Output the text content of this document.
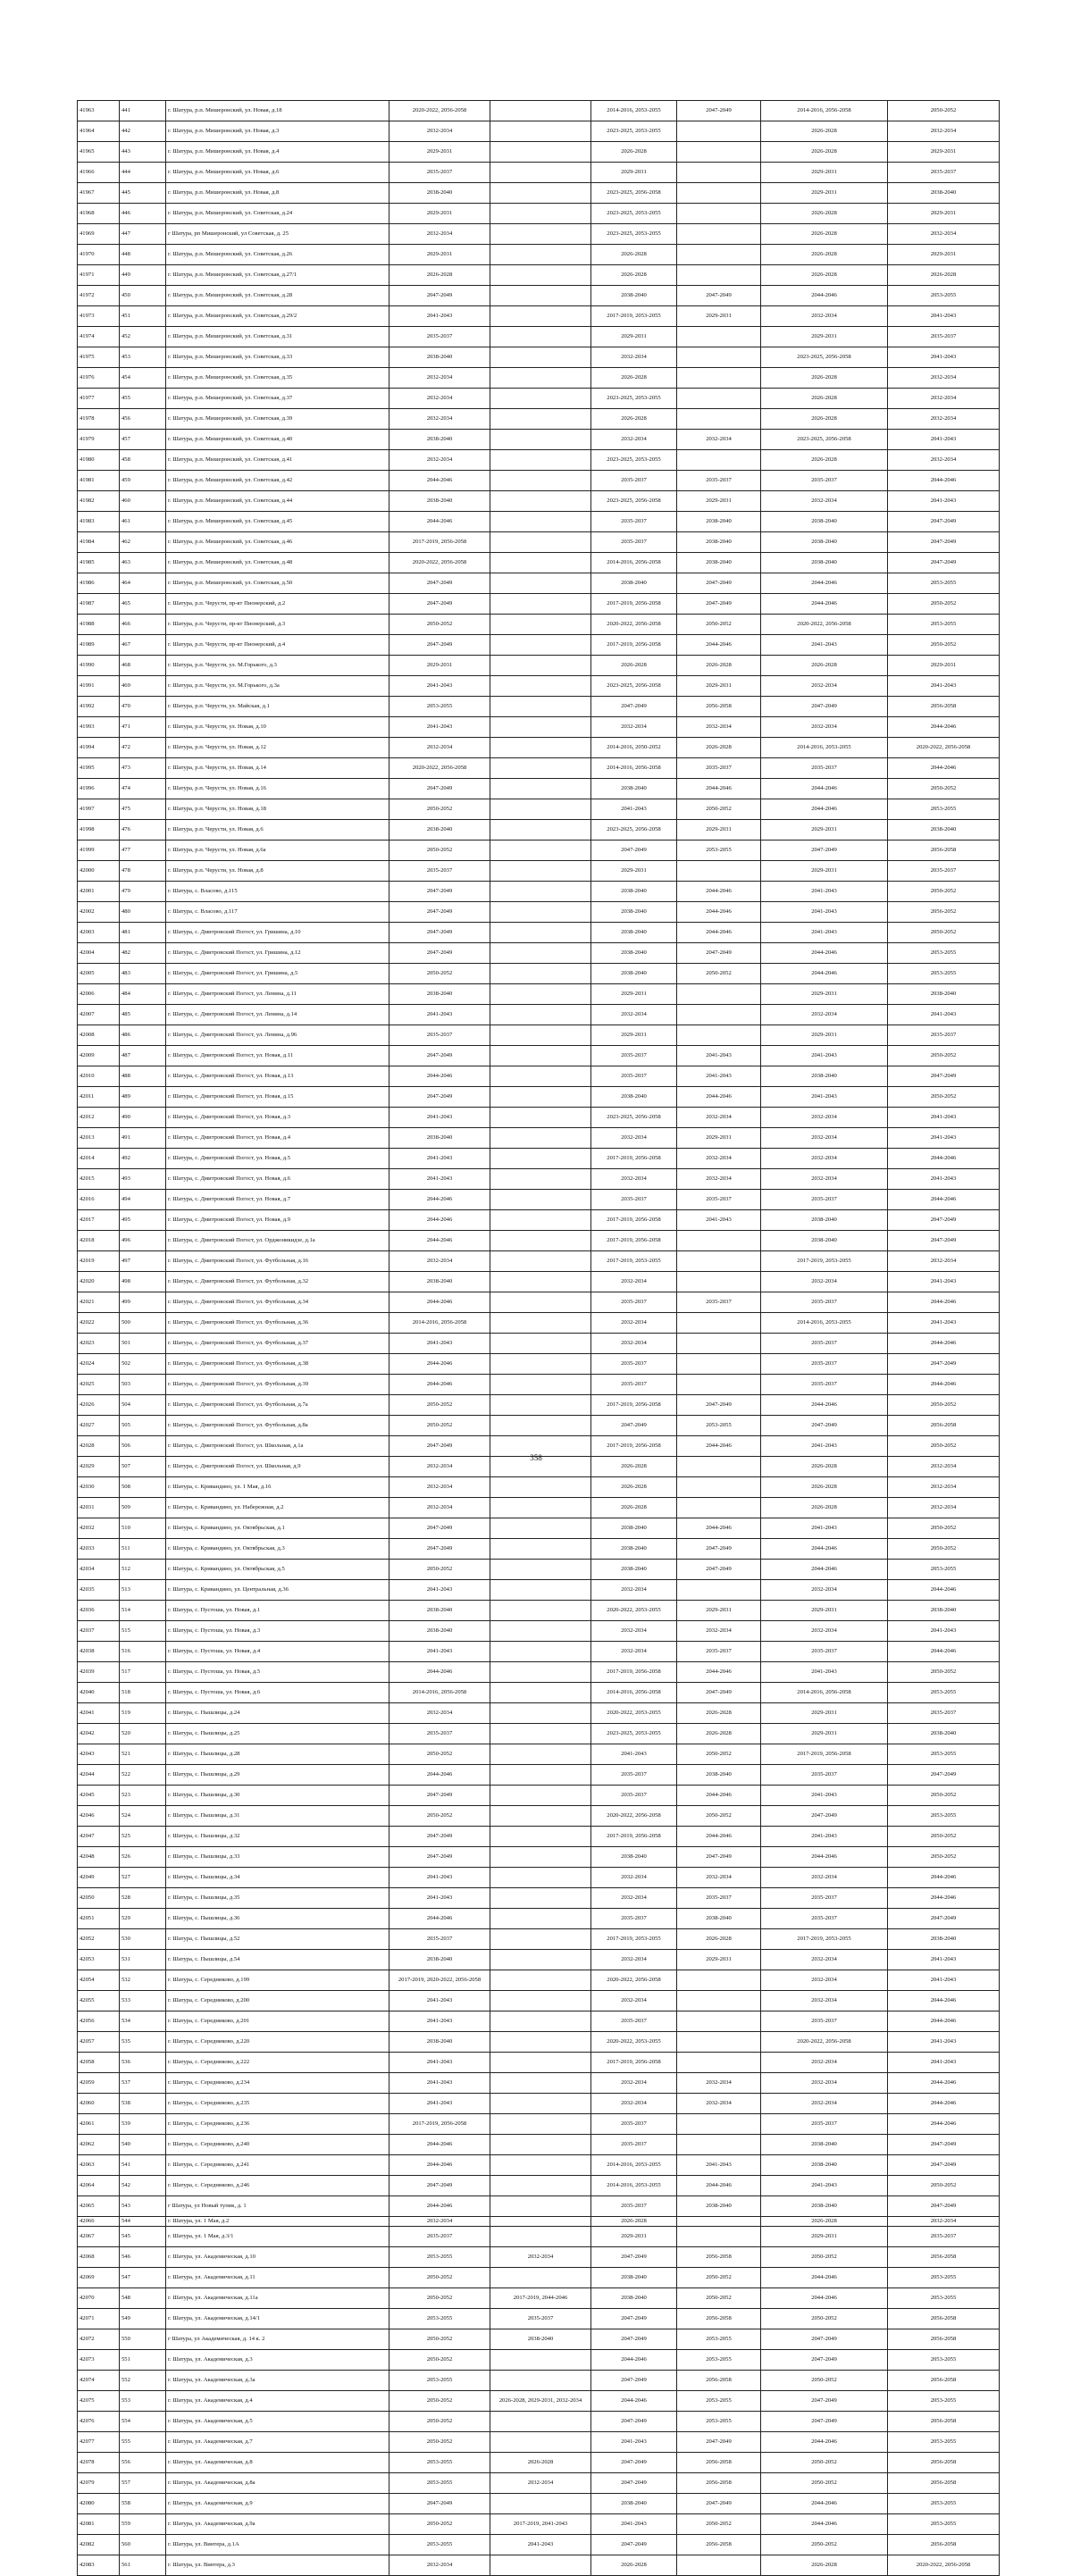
41963	441	г. Шатура, р.п. Мишеронский, ул. Новая, д.18	2020-2022, 2056-2058		2014-2016, 2053-2055	2047-2049	2014-2016, 2056-2058	2050-2052
41964	442	г. Шатура, р.п. Мишеронский, ул. Новая, д.3	2032-2034		2023-2025, 2053-2055		2026-2028	2032-2034
41965	443	г. Шатура, р.п. Мишеронский, ул. Новая, д.4	2029-2031		2026-2028		2026-2028	2029-2031
41966	444	г. Шатура, р.п. Мишеронский, ул. Новая, д.6	2035-2037		2029-2031		2029-2031	2035-2037
41967	445	г. Шатура, р.п. Мишеронский, ул. Новая, д.8	2038-2040		2023-2025, 2056-2058		2029-2031	2038-2040
41968	446	г. Шатура, р.п. Мишеронский, ул. Советская, д.24	2029-2031		2023-2025, 2053-2055		2026-2028	2029-2031
41969	447	г Шатура, рп Мишеронский, ул Советская, д. 25	2032-2034		2023-2025, 2053-2055		2026-2028	2032-2034
41970	448	г. Шатура, р.п. Мишеронский, ул. Советская, д.26	2029-2031		2026-2028		2026-2028	2029-2031
41971	449	г. Шатура, р.п. Мишеронский, ул. Советская, д.27/1	2026-2028		2026-2028		2026-2028	2026-2028
41972	450	г. Шатура, р.п. Мишеронский, ул. Советская, д.28	2047-2049		2038-2040	2047-2049	2044-2046	2053-2055
41973	451	г. Шатура, р.п. Мишеронский, ул. Советская, д.29/2	2041-2043		2017-2019, 2053-2055	2029-2031	2032-2034	2041-2043
41974	452	г. Шатура, р.п. Мишеронский, ул. Советская, д.31	2035-2037		2029-2031		2029-2031	2035-2037
41975	453	г. Шатура, р.п. Мишеронский, ул. Советская, д.33	2038-2040		2032-2034		2023-2025, 2056-2058	2041-2043
41976	454	г. Шатура, р.п. Мишеронский, ул. Советская, д.35	2032-2034		2026-2028		2026-2028	2032-2034
41977	455	г. Шатура, р.п. Мишеронский, ул. Советская, д.37	2032-2034		2023-2025, 2053-2055		2026-2028	2032-2034
41978	456	г. Шатура, р.п. Мишеронский, ул. Советская, д.39	2032-2034		2026-2028		2026-2028	2032-2034
41979	457	г. Шатура, р.п. Мишеронский, ул. Советская, д.40	2038-2040		2032-2034	2032-2034	2023-2025, 2056-2058	2041-2043
41980	458	г. Шатура, р.п. Мишеронский, ул. Советская, д.41	2032-2034		2023-2025, 2053-2055		2026-2028	2032-2034
41981	459	г. Шатура, р.п. Мишеронский, ул. Советская, д.42	2044-2046		2035-2037	2035-2037	2035-2037	2044-2046
41982	460	г. Шатура, р.п. Мишеронский, ул. Советская, д.44	2038-2040		2023-2025, 2056-2058	2029-2031	2032-2034	2041-2043
41983	461	г. Шатура, р.п. Мишеронский, ул. Советская, д.45	2044-2046		2035-2037	2038-2040	2038-2040	2047-2049
41984	462	г. Шатура, р.п. Мишеронский, ул. Советская, д.46	2017-2019, 2056-2058		2035-2037	2038-2040	2038-2040	2047-2049
41985	463	г. Шатура, р.п. Мишеронский, ул. Советская, д.48	2020-2022, 2056-2058		2014-2016, 2056-2058	2038-2040	2038-2040	2047-2049
41986	464	г. Шатура, р.п. Мишеронский, ул. Советская, д.50	2047-2049		2038-2040	2047-2049	2044-2046	2053-2055
41987	465	г. Шатура, р.п. Черусти, пр-кт Пионерский, д.2	2047-2049		2017-2019, 2056-2058	2047-2049	2044-2046	2050-2052
41988	466	г. Шатура, р.п. Черусти, пр-кт Пионерский, д.3	2050-2052		2020-2022, 2056-2058	2050-2052	2020-2022, 2056-2058	2053-2055
41989	467	г. Шатура, р.п. Черусти, пр-кт Пионерский, д.4	2047-2049		2017-2019, 2056-2058	2044-2046	2041-2043	2050-2052
41990	468	г. Шатура, р.п. Черусти, ул. М.Горького, д.3	2029-2031		2026-2028	2026-2028	2026-2028	2029-2031
41991	469	г. Шатура, р.п. Черусти, ул. М.Горького, д.3а	2041-2043		2023-2025, 2056-2058	2029-2031	2032-2034	2041-2043
41992	470	г. Шатура, р.п. Черусти, ул. Майская, д.1	2053-2055		2047-2049	2056-2058	2047-2049	2056-2058
41993	471	г. Шатура, р.п. Черусти, ул. Новая, д.10	2041-2043		2032-2034	2032-2034	2032-2034	2044-2046
41994	472	г. Шатура, р.п. Черусти, ул. Новая, д.12	2032-2034		2014-2016, 2050-2052	2026-2028	2014-2016, 2053-2055	2020-2022, 2056-2058
41995	473	г. Шатура, р.п. Черусти, ул. Новая, д.14	2020-2022, 2056-2058		2014-2016, 2056-2058	2035-2037	2035-2037	2044-2046
41996	474	г. Шатура, р.п. Черусти, ул. Новая, д.16	2047-2049		2038-2040	2044-2046	2044-2046	2050-2052
41997	475	г. Шатура, р.п. Черусти, ул. Новая, д.18	2050-2052		2041-2043	2050-2052	2044-2046	2053-2055
41998	476	г. Шатура, р.п. Черусти, ул. Новая, д.6	2038-2040		2023-2025, 2056-2058	2029-2031	2029-2031	2038-2040
41999	477	г. Шатура, р.п. Черусти, ул. Новая, д.6а	2050-2052		2047-2049	2053-2055	2047-2049	2056-2058
42000	478	г. Шатура, р.п. Черусти, ул. Новая, д.8	2035-2037		2029-2031		2029-2031	2035-2037
42001	479	г. Шатура, с. Власово, д.115	2047-2049		2038-2040	2044-2046	2041-2043	2050-2052
42002	480	г. Шатура, с. Власово, д.117	2047-2049		2038-2040	2044-2046	2041-2043	2056-2052
42003	481	г. Шатура, с. Дмитровский Погост, ул. Гришина, д.10	2047-2049		2038-2040	2044-2046	2041-2043	2050-2052
42004	482	г. Шатура, с. Дмитровский Погост, ул. Гришина, д.12	2047-2049		2038-2040	2047-2049	2044-2046	2053-2055
42005	483	г. Шатура, с. Дмитровский Погост, ул. Гришина, д.5	2050-2052		2038-2040	2050-2052	2044-2046	2053-2055
42006	484	г. Шатура, с. Дмитровский Погост, ул. Ленина, д.11	2038-2040		2029-2031		2029-2031	2038-2040
42007	485	г. Шатура, с. Дмитровский Погост, ул. Ленина, д.14	2041-2043		2032-2034		2032-2034	2041-2043
42008	486	г. Шатура, с. Дмитровский Погост, ул. Ленина, д.96	2035-2037		2029-2031		2029-2031	2035-2037
42009	487	г. Шатура, с. Дмитровский Погост, ул. Новая, д.11	2047-2049		2035-2037	2041-2043	2041-2043	2050-2052
42010	488	г. Шатура, с. Дмитровский Погост, ул. Новая, д.13	2044-2046		2035-2037	2041-2043	2038-2040	2047-2049
42011	489	г. Шатура, с. Дмитровский Погост, ул. Новая, д.15	2047-2049		2038-2040	2044-2046	2041-2043	2050-2052
42012	490	г. Шатура, с. Дмитровский Погост, ул. Новая, д.3	2041-2043		2023-2025, 2056-2058	2032-2034	2032-2034	2041-2043
42013	491	г. Шатура, с. Дмитровский Погост, ул. Новая, д.4	2038-2040		2032-2034	2029-2031	2032-2034	2041-2043
42014	492	г. Шатура, с. Дмитровский Погост, ул. Новая, д.5	2041-2043		2017-2019, 2056-2058	2032-2034	2032-2034	2044-2046
42015	493	г. Шатура, с. Дмитровский Погост, ул. Новая, д.6	2041-2043		2032-2034	2032-2034	2032-2034	2041-2043
42016	494	г. Шатура, с. Дмитровский Погост, ул. Новая, д.7	2044-2046		2035-2037	2035-2037	2035-2037	2044-2046
42017	495	г. Шатура, с. Дмитровский Погост, ул. Новая, д.9	2044-2046		2017-2019, 2056-2058	2041-2043	2038-2040	2047-2049
42018	496	г. Шатура, с. Дмитровский Погост, ул. Орджоникидзе, д.1а	2044-2046		2017-2019, 2056-2058		2038-2040	2047-2049
42019	497	г. Шатура, с. Дмитровский Погост, ул. Футбольная, д.16	2032-2034		2017-2019, 2053-2055		2017-2019, 2053-2055	2032-2034
42020	498	г. Шатура, с. Дмитровский Погост, ул. Футбольная, д.32	2038-2040		2032-2034		2032-2034	2041-2043
42021	499	г. Шатура, с. Дмитровский Погост, ул. Футбольная, д.34	2044-2046		2035-2037	2035-2037	2035-2037	2044-2046
42022	500	г. Шатура, с. Дмитровский Погост, ул. Футбольная, д.36	2014-2016, 2056-2058		2032-2034		2014-2016, 2053-2055	2041-2043
42023	501	г. Шатура, с. Дмитровский Погост, ул. Футбольная, д.37	2041-2043		2032-2034		2035-2037	2044-2046
42024	502	г. Шатура, с. Дмитровский Погост, ул. Футбольная, д.38	2044-2046		2035-2037		2035-2037	2047-2049
42025	503	г. Шатура, с. Дмитровский Погост, ул. Футбольная, д.39	2044-2046		2035-2037		2035-2037	2044-2046
42026	504	г. Шатура, с. Дмитровский Погост, ул. Футбольная, д.7а	2050-2052		2017-2019, 2056-2058	2047-2049	2044-2046	2050-2052
42027	505	г. Шатура, с. Дмитровский Погост, ул. Футбольная, д.8а	2050-2052		2047-2049	2053-2055	2047-2049	2056-2058
42028	506	г. Шатура, с. Дмитровский Погост, ул. Школьная, д.1а	2047-2049		2017-2019, 2056-2058	2044-2046	2041-2043	2050-2052
42029	507	г. Шатура, с. Дмитровский Погост, ул. Школьная, д.9	2032-2034		2026-2028		2026-2028	2032-2034
42030	508	г. Шатура, с. Кривандино, ул. 1 Мая, д.16	2032-2034		2026-2028		2026-2028	2032-2034
42031	509	г. Шатура, с. Кривандино, ул. Набережная, д.2	2032-2034		2026-2028		2026-2028	2032-2034
42032	510	г. Шатура, с. Кривандино, ул. Октябрьская, д.1	2047-2049		2038-2040	2044-2046	2041-2043	2050-2052
42033	511	г. Шатура, с. Кривандино, ул. Октябрьская, д.3	2047-2049		2038-2040	2047-2049	2044-2046	2050-2052
42034	512	г. Шатура, с. Кривандино, ул. Октябрьская, д.5	2050-2052		2038-2040	2047-2049	2044-2046	2053-2055
42035	513	г. Шатура, с. Кривандино, ул. Центральная, д.36	2041-2043		2032-2034		2032-2034	2044-2046
42036	514	г. Шатура, с. Пустоша, ул. Новая, д.1	2038-2040		2020-2022, 2053-2055	2029-2031	2029-2031	2038-2040
42037	515	г. Шатура, с. Пустоша, ул. Новая, д.3	2038-2040		2032-2034	2032-2034	2032-2034	2041-2043
42038	516	г. Шатура, с. Пустоша, ул. Новая, д.4	2041-2043		2032-2034	2035-2037	2035-2037	2044-2046
42039	517	г. Шатура, с. Пустоша, ул. Новая, д.5	2044-2046		2017-2019, 2056-2058	2044-2046	2041-2043	2050-2052
42040	518	г. Шатура, с. Пустоша, ул. Новая, д.6	2014-2016, 2056-2058		2014-2016, 2056-2058	2047-2049	2014-2016, 2056-2058	2053-2055
42041	519	г. Шатура, с. Пышлицы, д.24	2032-2034		2020-2022, 2053-2055	2026-2028	2029-2031	2035-2037
42042	520	г. Шатура, с. Пышлицы, д.25	2035-2037		2023-2025, 2053-2055	2026-2028	2029-2031	2038-2040
42043	521	г. Шатура, с. Пышлицы, д.28	2050-2052		2041-2043	2050-2052	2017-2019, 2056-2058	2053-2055
42044	522	г. Шатура, с. Пышлицы, д.29	2044-2046		2035-2037	2038-2040	2035-2037	2047-2049
42045	523	г. Шатура, с. Пышлицы, д.30	2047-2049		2035-2037	2044-2046	2041-2043	2050-2052
42046	524	г. Шатура, с. Пышлицы, д.31	2050-2052		2020-2022, 2056-2058	2050-2052	2047-2049	2053-2055
42047	525	г. Шатура, с. Пышлицы, д.32	2047-2049		2017-2019, 2056-2058	2044-2046	2041-2043	2050-2052
42048	526	г. Шатура, с. Пышлицы, д.33	2047-2049		2038-2040	2047-2049	2044-2046	2050-2052
42049	527	г. Шатура, с. Пышлицы, д.34	2041-2043		2032-2034	2032-2034	2032-2034	2044-2046
42050	528	г. Шатура, с. Пышлицы, д.35	2041-2043		2032-2034	2035-2037	2035-2037	2044-2046
42051	529	г. Шатура, с. Пышлицы, д.36	2044-2046		2035-2037	2038-2040	2035-2037	2047-2049
42052	530	г. Шатура, с. Пышлицы, д.52	2035-2037		2017-2019, 2053-2055	2026-2028	2017-2019, 2053-2055	2038-2040
42053	531	г. Шатура, с. Пышлицы, д.54	2038-2040		2032-2034	2029-2031	2032-2034	2041-2043
42054	532	г. Шатура, с. Середниково, д.199	2017-2019, 2020-2022, 2056-2058		2020-2022, 2056-2058		2032-2034	2041-2043
42055	533	г. Шатура, с. Середниково, д.200	2041-2043		2032-2034		2032-2034	2044-2046
42056	534	г. Шатура, с. Середниково, д.201	2041-2043		2035-2037		2035-2037	2044-2046
42057	535	г. Шатура, с. Середниково, д.220	2038-2040		2020-2022, 2053-2055		2020-2022, 2056-2058	2041-2043
42058	536	г. Шатура, с. Середниково, д.222	2041-2043		2017-2019, 2056-2058		2032-2034	2041-2043
42059	537	г. Шатура, с. Середниково, д.234	2041-2043		2032-2034	2032-2034	2032-2034	2044-2046
42060	538	г. Шатура, с. Середниково, д.235	2041-2043		2032-2034	2032-2034	2032-2034	2044-2046
42061	539	г. Шатура, с. Середниково, д.236	2017-2019, 2056-2058		2035-2037		2035-2037	2044-2046
42062	540	г. Шатура, с. Середниково, д.240	2044-2046		2035-2037		2038-2040	2047-2049
42063	541	г. Шатура, с. Середниково, д.241	2044-2046		2014-2016, 2053-2055	2041-2043	2038-2040	2047-2049
42064	542	г. Шатура, с. Середниково, д.246	2047-2049		2014-2016, 2053-2055	2044-2046	2041-2043	2050-2052
42065	543	г Шатура, ул Новый тупик, д. 1	2044-2046		2035-2037	2038-2040	2038-2040	2047-2049
42066	544	г. Шатура, ул. 1 Мая, д.2	2032-2034		2026-2028		2026-2028	2032-2034
42067	545	г. Шатура, ул. 1 Мая, д.3/1	2035-2037		2029-2031		2029-2031	2035-2037
42068	546	г. Шатура, ул. Академическая, д.10	2053-2055	2032-2034	2047-2049	2056-2058	2050-2052	2056-2058
42069	547	г. Шатура, ул. Академическая, д.11	2050-2052		2038-2040	2050-2052	2044-2046	2053-2055
42070	548	г. Шатура, ул. Академическая, д.11а	2050-2052	2017-2019, 2044-2046	2038-2040	2050-2052	2044-2046	2053-2055
42071	549	г. Шатура, ул. Академическая, д.14/1	2053-2055	2035-2037	2047-2049	2056-2058	2050-2052	2056-2058
42072	550	г Шатура, ул Академическая, д. 14 к. 2	2050-2052	2038-2040	2047-2049	2053-2055	2047-2049	2056-2058
42073	551	г. Шатура, ул. Академическая, д.3	2050-2052		2044-2046	2053-2055	2047-2049	2053-2055
42074	552	г. Шатура, ул. Академическая, д.3а	2053-2055		2047-2049	2056-2058	2050-2052	2056-2058
42075	553	г. Шатура, ул. Академическая, д.4	2050-2052	2026-2028, 2029-2031, 2032-2034	2044-2046	2053-2055	2047-2049	2053-2055
42076	554	г. Шатура, ул. Академическая, д.5	2050-2052		2047-2049	2053-2055	2047-2049	2056-2058
42077	555	г. Шатура, ул. Академическая, д.7	2050-2052		2041-2043	2047-2049	2044-2046	2053-2055
42078	556	г. Шатура, ул. Академическая, д.8	2053-2055	2026-2028	2047-2049	2056-2058	2050-2052	2056-2058
42079	557	г. Шатура, ул. Академическая, д.8а	2053-2055	2032-2034	2047-2049	2056-2058	2050-2052	2056-2058
42080	558	г. Шатура, ул. Академическая, д.9	2047-2049		2038-2040	2047-2049	2044-2046	2053-2055
42081	559	г. Шатура, ул. Академическая, д.9а	2050-2052	2017-2019, 2041-2043	2041-2043	2050-2052	2044-2046	2053-2055
42082	560	г. Шатура, ул. Винтера, д.1А	2053-2055	2041-2043	2047-2049	2056-2058	2050-2052	2056-2058
42083	561	г. Шатура, ул. Винтера, д.3	2032-2034		2026-2028		2026-2028	2020-2022, 2056-2058
358
